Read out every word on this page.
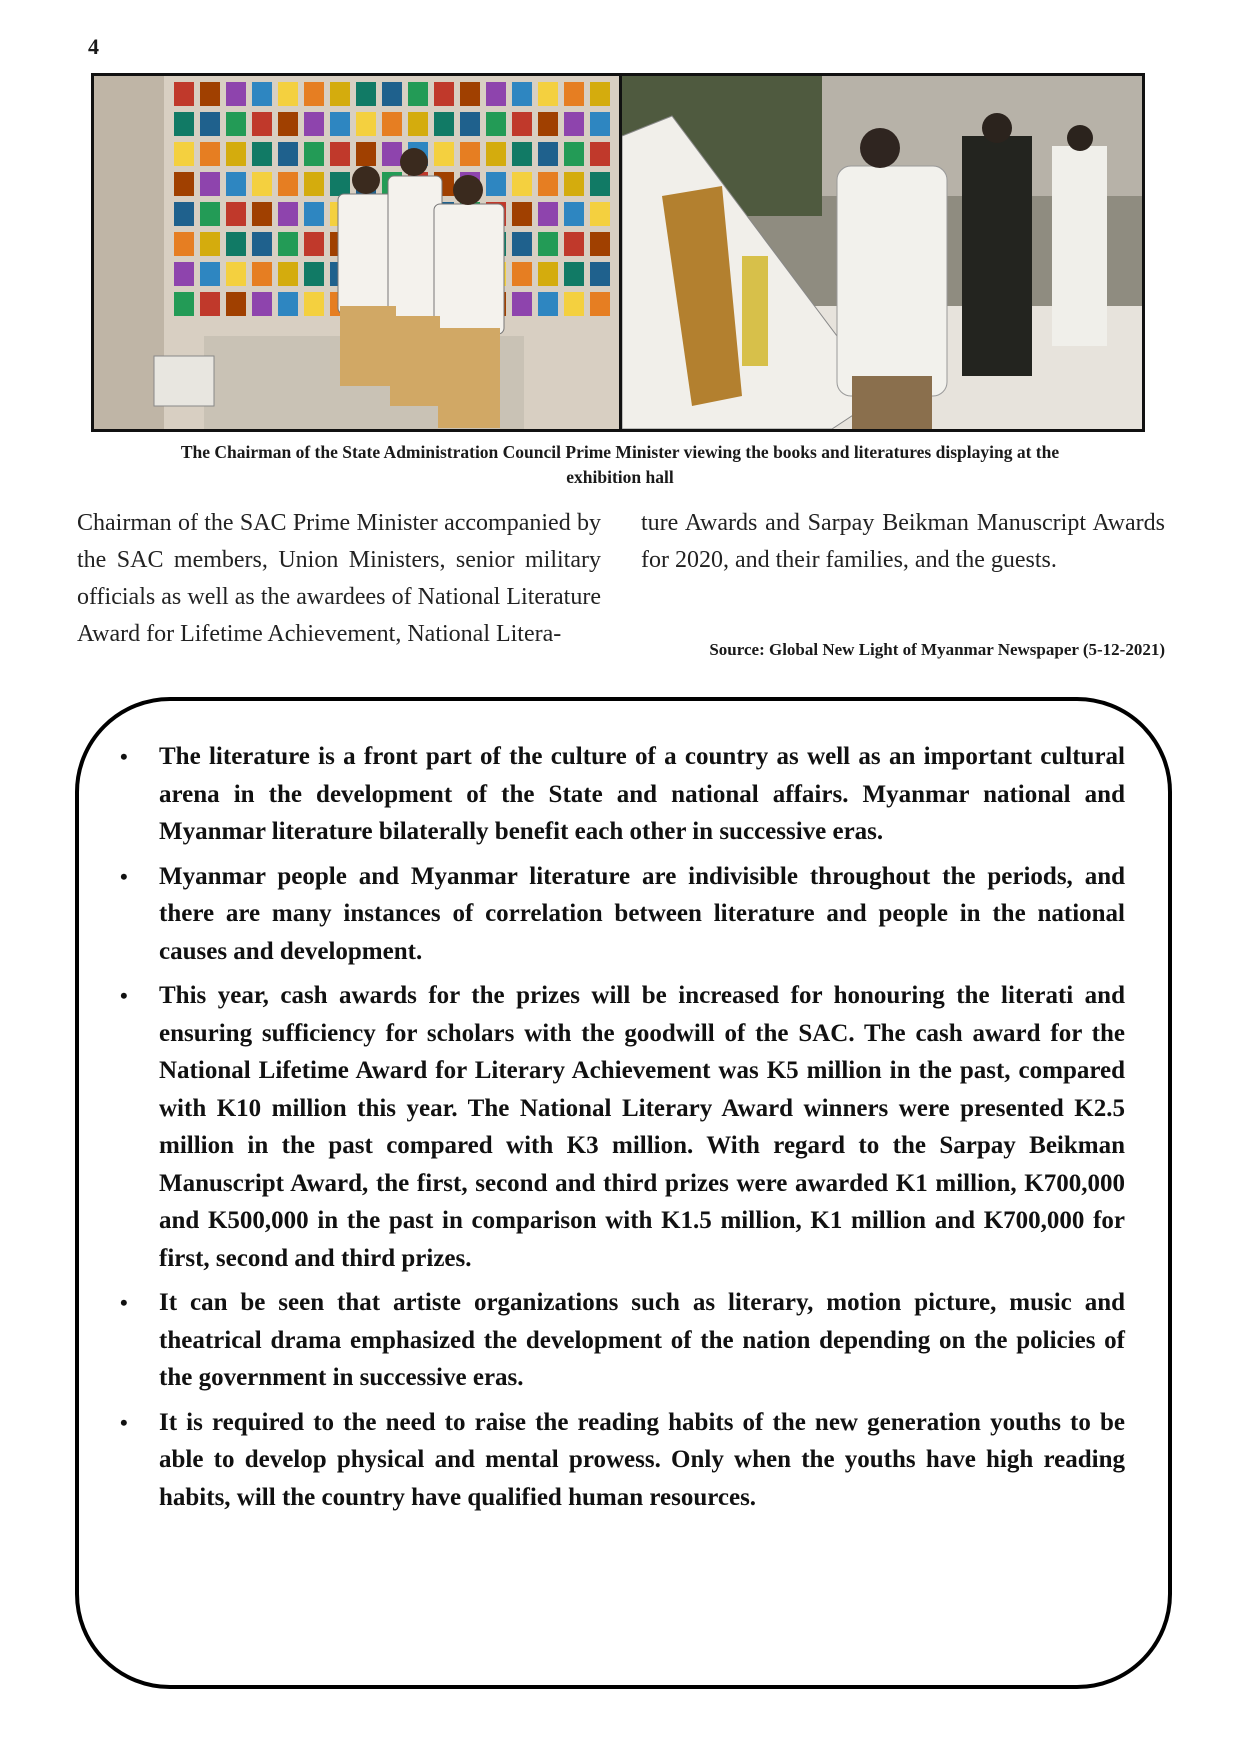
4
The Chairman of the State Administration Council Prime Minister viewing the books and literatures displaying at the
exhibition hall
Chairman of the SAC Prime Minister accompanied by the SAC members, Union Ministers, senior military officials as well as the awardees of National Literature Award for Lifetime Achievement, National Litera-
ture Awards and Sarpay Beikman Manuscript Awards for 2020, and their families, and the guests.
Source: Global New Light of Myanmar Newspaper (5-12-2021)
• The literature is a front part of the culture of a country as well as an important cultural arena in the development of the State and national affairs. Myanmar national and Myanmar literature bilaterally benefit each other in successive eras.
• Myanmar people and Myanmar literature are indivisible throughout the periods, and there are many instances of correlation between literature and people in the national causes and development.
• This year, cash awards for the prizes will be increased for honouring the literati and ensuring sufficiency for scholars with the goodwill of the SAC. The cash award for the National Lifetime Award for Literary Achievement was K5 million in the past, compared with K10 million this year. The National Literary Award winners were presented K2.5 million in the past compared with K3 million. With regard to the Sarpay Beikman Manuscript Award, the first, second and third prizes were awarded K1 million, K700,000 and K500,000 in the past in comparison with K1.5 million, K1 million and K700,000 for first, second and third prizes.
• It can be seen that artiste organizations such as literary, motion picture, music and theatrical drama emphasized the development of the nation depending on the policies of the government in successive eras.
• It is required to the need to raise the reading habits of the new generation youths to be able to develop physical and mental prowess. Only when the youths have high reading habits, will the country have qualified human resources.
